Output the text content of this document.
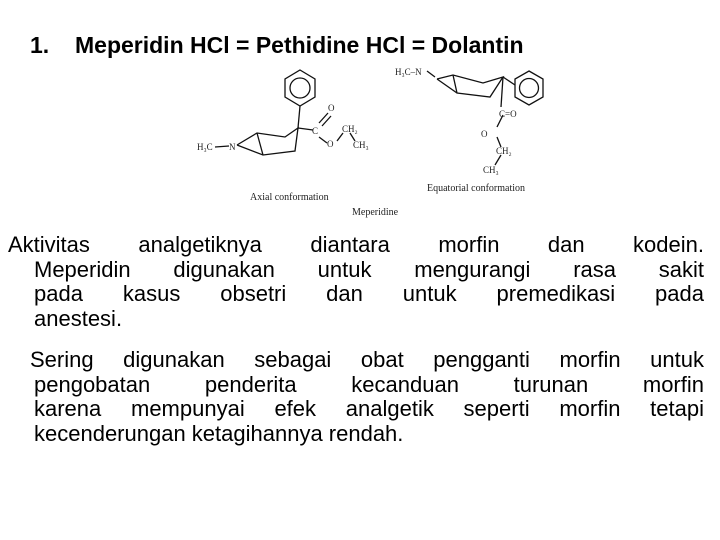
1.	Meperidin HCl = Pethidine HCl = Dolantin
H₃C N
C
O
O
CH₂
CH₃
Axial conformation
H₃C–N
C=O
O
CH₂
CH₃
Equatorial conformation
Meperidine
Aktivitas analgetiknya diantara morfin dan kodein.
Meperidin digunakan untuk mengurangi rasa sakit
pada kasus obsetri dan untuk premedikasi pada
anestesi.
Sering digunakan sebagai obat pengganti morfin untuk
pengobatan penderita kecanduan turunan morfin
karena mempunyai efek analgetik seperti morfin tetapi
kecenderungan ketagihannya rendah.
